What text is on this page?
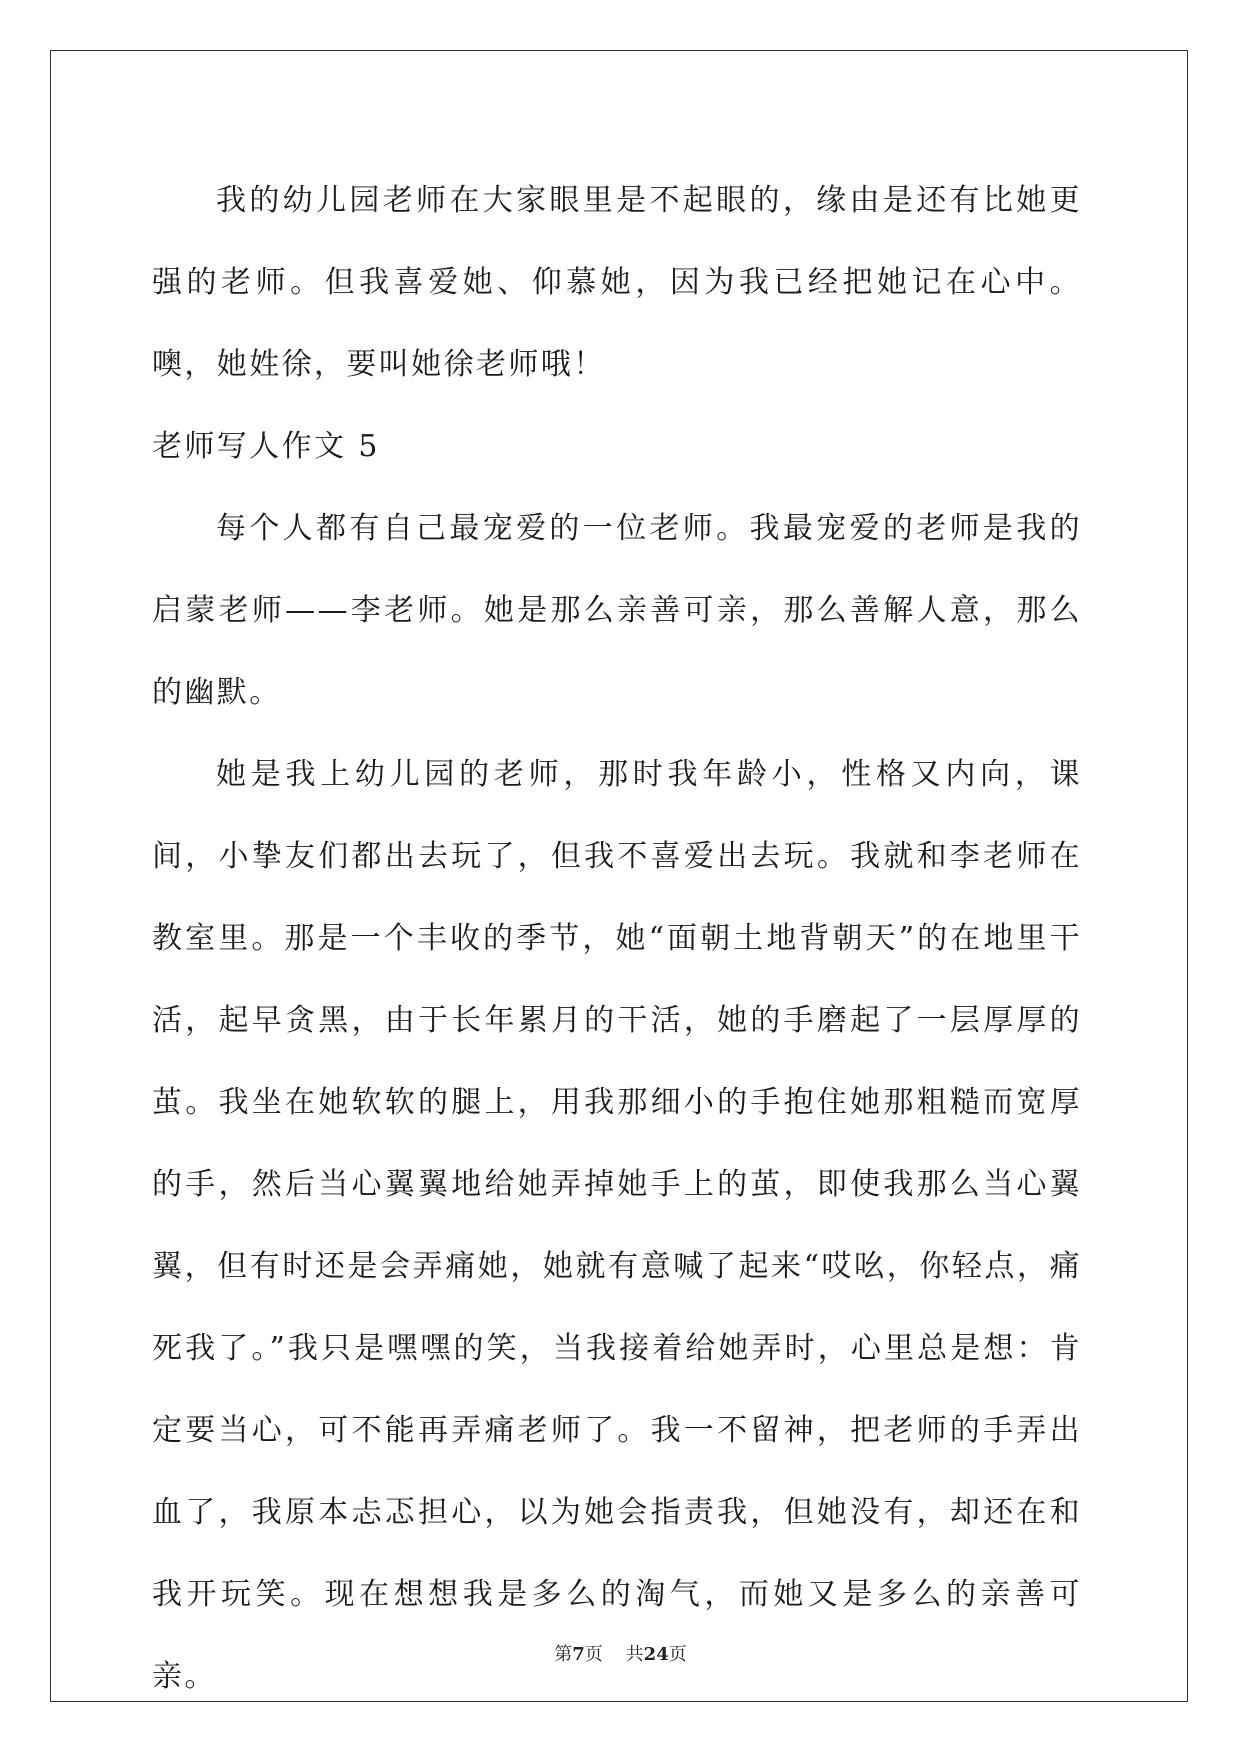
我的幼儿园老师在大家眼里是不起眼的，缘由是还有比她更强的老师。但我喜爱她、仰慕她，因为我已经把她记在心中。噢，她姓徐，要叫她徐老师哦！

老师写人作文 5

每个人都有自己最宠爱的一位老师。我最宠爱的老师是我的启蒙老师——李老师。她是那么亲善可亲，那么善解人意，那么的幽默。

她是我上幼儿园的老师，那时我年龄小，性格又内向，课间，小挚友们都出去玩了，但我不喜爱出去玩。我就和李老师在教室里。那是一个丰收的季节，她“面朝土地背朝天”的在地里干活，起早贪黑，由于长年累月的干活，她的手磨起了一层厚厚的茧。我坐在她软软的腿上，用我那细小的手抱住她那粗糙而宽厚的手，然后当心翼翼地给她弄掉她手上的茧，即使我那么当心翼翼，但有时还是会弄痛她，她就有意喊了起来“哎吆，你轻点，痛死我了。”我只是嘿嘿的笑，当我接着给她弄时，心里总是想：肯定要当心，可不能再弄痛老师了。我一不留神，把老师的手弄出血了，我原本忐忑担心，以为她会指责我，但她没有，却还在和我开玩笑。现在想想我是多么的淘气，而她又是多么的亲善可亲。

第7页    共24页
